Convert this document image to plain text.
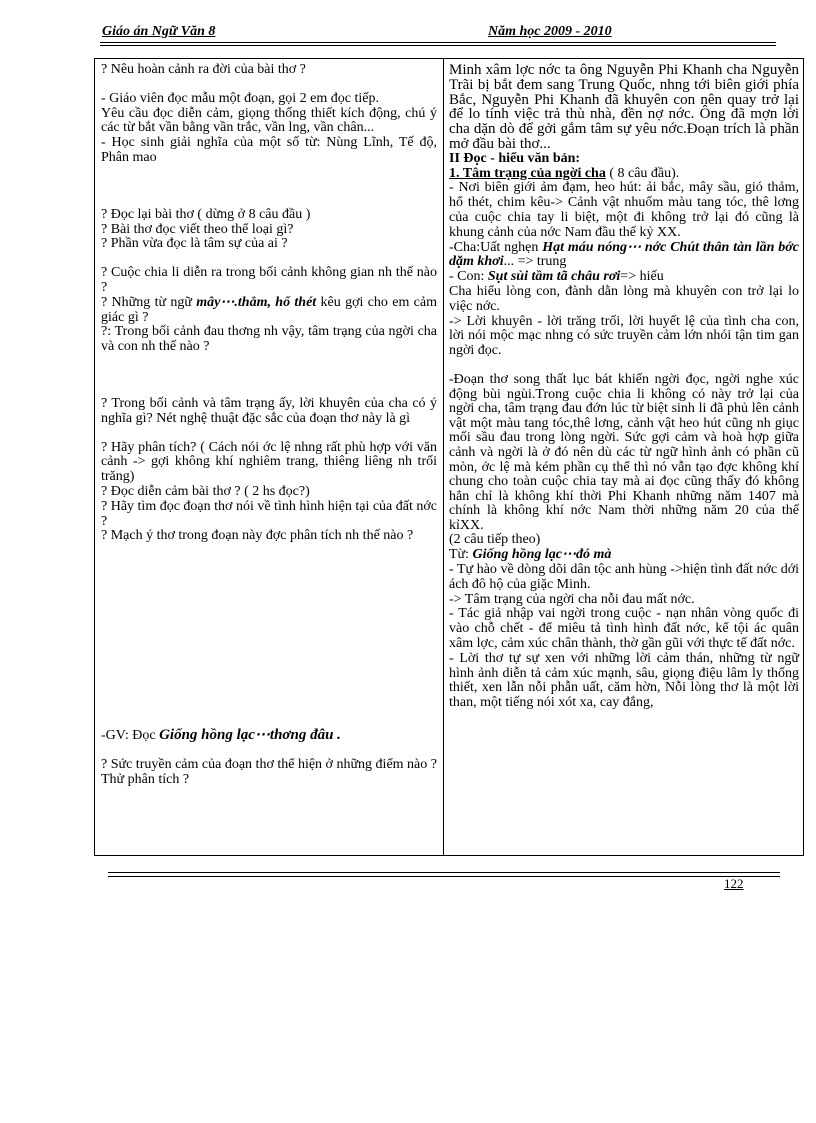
Giáo án Ngữ Văn 8	Năm học 2009 - 2010

? Nêu hoàn cảnh ra đời của bài thơ ?

- Giáo viên đọc mẫu một đoạn, gọi 2 em đọc tiếp.

Yêu cầu đọc diễn cảm, giọng thống thiết kích động, chú ý các từ bắt vần bằng vần trắc, vần lng, vần chân...

- Học sinh giải nghĩa của một số từ: Nùng Lĩnh, Tế độ, Phân mao

? Đọc lại bài thơ ( dừng ở 8 câu đầu )

? Bài thơ đọc viết theo thể loại gì?

? Phần vừa đọc là tâm sự của ai ?

? Cuộc chia li diễn ra trong bối cảnh không gian nh thế nào ?

? Những từ ngữ mây⋯.thẳm, hổ thét kêu gợi cho em cảm giác gì ?

?: Trong bối cảnh đau thơng nh vậy, tâm trạng của ngời cha và con nh thế nào ?

? Trong bối cảnh và tâm trạng ấy, lời khuyên của cha có ý nghĩa gì? Nét nghệ thuật đặc sắc của đoạn thơ này là gì

? Hãy phân tích? ( Cách nói ớc lệ nhng rất phù hợp với văn cảnh -> gợi không khí nghiêm trang, thiêng liêng nh trối trăng)

? Đọc diễn cảm bài thơ ? ( 2 hs đọc?)

? Hãy tìm đọc đoạn thơ nói về tình hình hiện tại của đất nớc ?

? Mạch ý thơ trong đoạn này đợc phân tích nh thế nào ?

-GV: Đọc Giống hồng lạc⋯thơng đâu .

? Sức truyền cảm của đoạn thơ thể hiện ở những điểm nào ? Thử phân tích ?

Minh xâm lợc nớc ta ông Nguyễn Phi Khanh cha Nguyễn Trãi bị bắt đem sang Trung Quốc, nhng tới biên giới phía Bắc, Nguyễn Phi Khanh đã khuyên con nên quay trở lại để lo tính việc trả thù nhà, đền nợ nớc. Ông đã mợn lời cha dặn dò để gởi gắm tâm sự yêu nớc.Đoạn trích là phần mở đầu bài thơ...

II Đọc - hiểu văn bản:

1. Tâm trạng của ngời cha ( 8 câu đầu).

- Nơi biên giới ảm đạm, heo hút: ải bắc, mây sầu, gió thảm, hổ thét, chim kêu-> Cảnh vật nhuốm màu tang tóc, thê lơng của cuộc chia tay li biệt, một đi không trở lại đó cũng là khung cảnh của nớc Nam đầu thế kỷ XX.

-Cha:Uất nghẹn Hạt máu nóng⋯ nớc Chút thân tàn lần bớc dặm khơi... => trung

- Con: Sụt sùi tầm tã châu rơi=> hiếu

Cha hiểu lòng con, đành dằn lòng mà khuyên con trở lại lo việc nớc.

-> Lời khuyên - lời trăng trối, lời huyết lệ của tình cha con, lời nói mộc mạc nhng có sức truyền cảm lớn nhói tận tim gan ngời đọc.

-Đoạn thơ song thất lục bát khiến ngời đọc, ngời nghe xúc động bùi ngùi.Trong cuộc chia li không có này trở lại của ngời cha, tâm trạng đau đớn lúc từ biệt sinh li đã phủ lên cảnh vật một màu tang tóc,thê lơng, cảnh vật heo hút cũng nh giục mối sầu đau trong lòng ngời. Sức gợi cảm và hoà hợp giữa cảnh và ngời là ở đó nên dù các từ ngữ hình ảnh có phần cũ mòn, ớc lệ mà kém phần cụ thể thì nó vẫn tạo đợc không khí chung cho toàn cuộc chia tay mà ai đọc cũng thấy đó không hẳn chỉ là không khí thời Phi Khanh những năm 1407 mà chính là không khí nớc Nam thời những năm 20 của thế kỉXX.

(2 câu tiếp theo)

Từ: Giống hồng lạc⋯đó mà

- Tự hào về dòng dõi dân tộc anh hùng ->hiện tình đất nớc dới ách đô hộ của giặc Minh.

-> Tâm trạng của ngời cha nỗi đau mất nớc.

- Tác giả nhập vai ngời trong cuộc - nạn nhân vòng quốc đi vào chỗ chết - để miêu tả tình hình đất nớc, kể tội ác quân xâm lợc, cảm xúc chân thành, thờ gần gũi với thực tế đất nớc.

- Lời thơ tự sự xen với những lời cảm thán, những từ ngữ hình ảnh diễn tả cảm xúc mạnh, sâu, giọng điệu lâm ly thống thiết, xen lẫn nỗi phẫn uất, căm hờn, Nỗi lòng thơ là một lời than, một tiếng nói xót xa, cay đắng,

122
